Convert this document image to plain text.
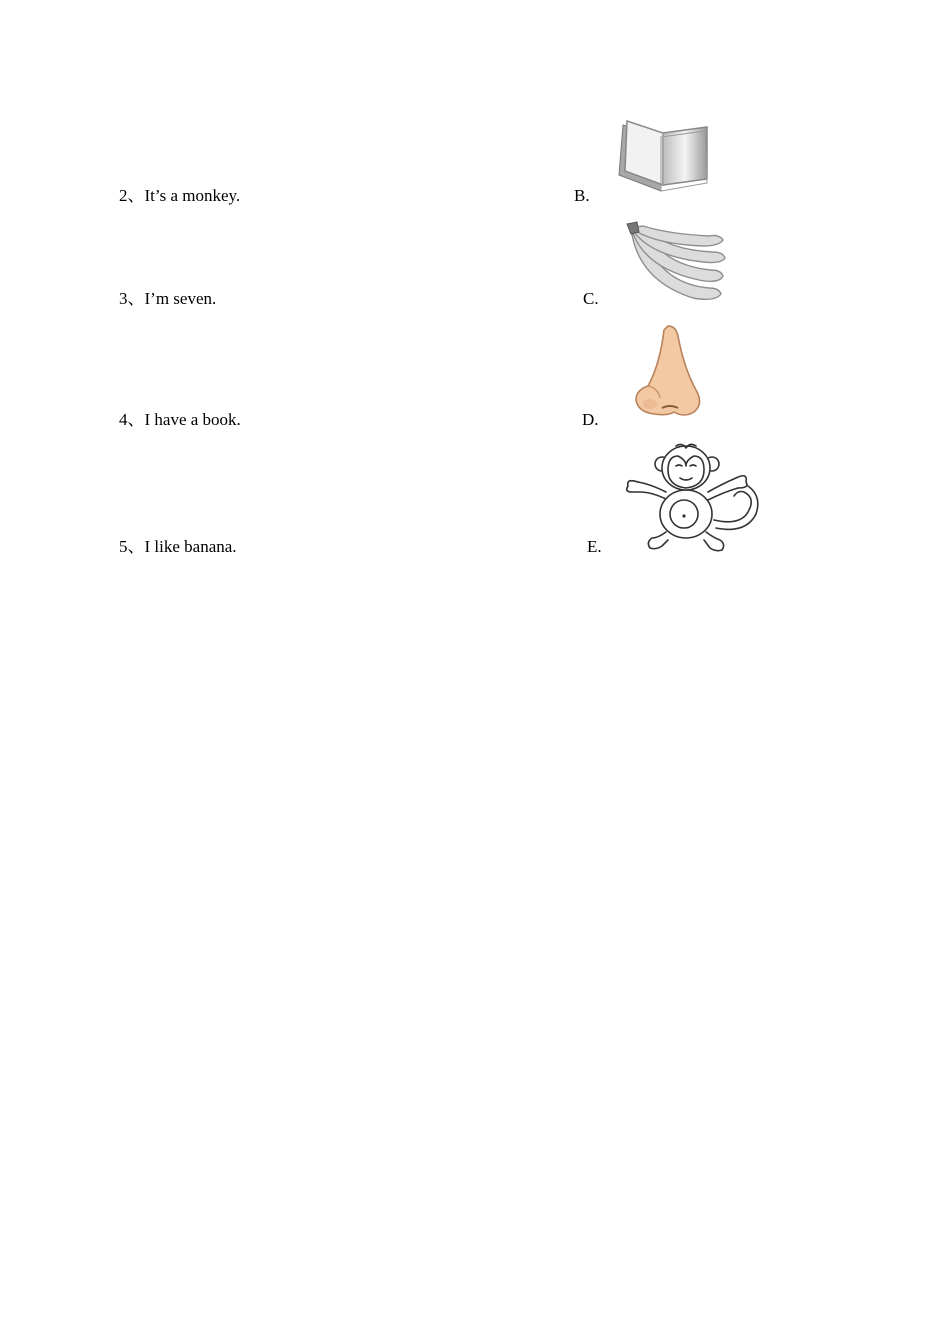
2、It’s a monkey.	B.
3、I’m seven.	C.
4、I have a book.	D.
5、I like banana.	E.
